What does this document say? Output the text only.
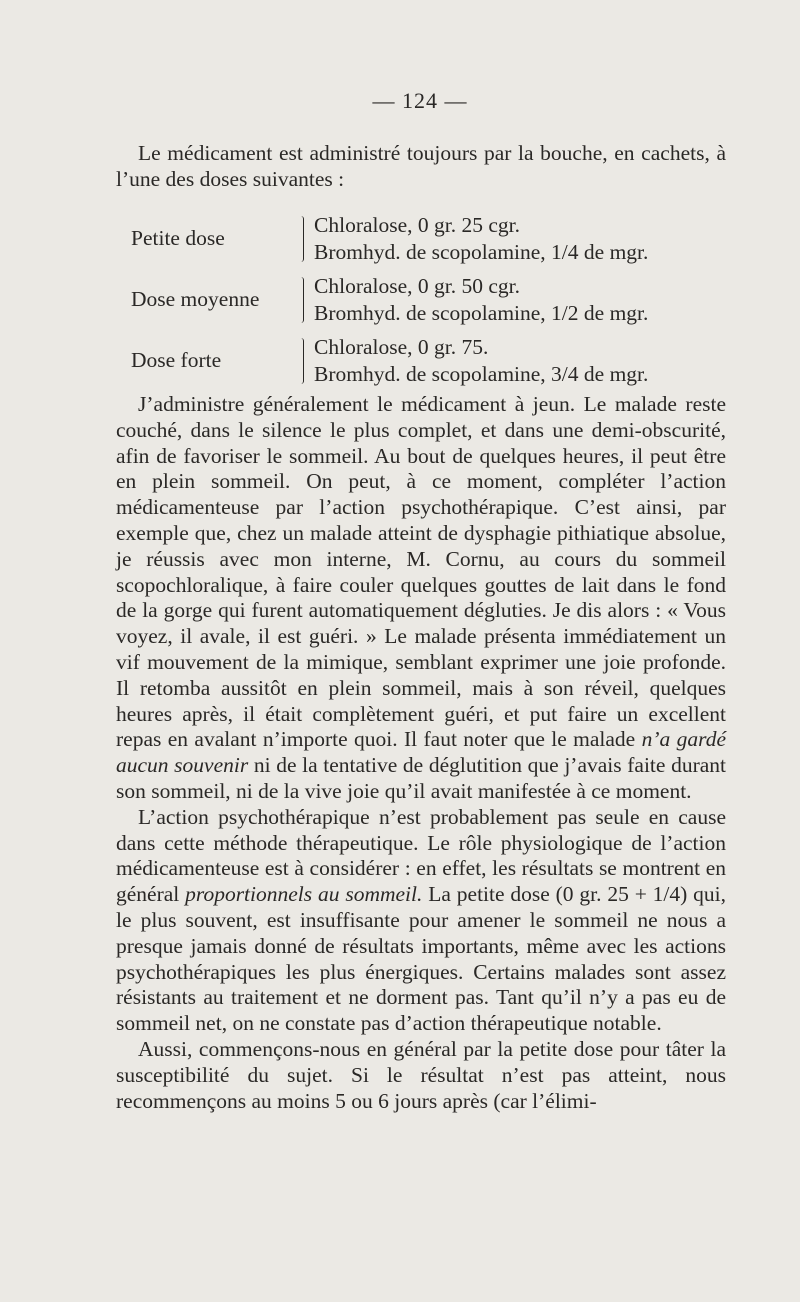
— 124 —

Le médicament est administré toujours par la bouche, en cachets, à l’une des doses suivantes :

Petite dose
Chloralose, 0 gr. 25 cgr.
Bromhyd. de scopolamine, 1/4 de mgr.
Dose moyenne
Chloralose, 0 gr. 50 cgr.
Bromhyd. de scopolamine, 1/2 de mgr.
Dose forte
Chloralose, 0 gr. 75.
Bromhyd. de scopolamine, 3/4 de mgr.

J’administre généralement le médicament à jeun. Le malade reste couché, dans le silence le plus complet, et dans une demi-obscurité, afin de favoriser le sommeil. Au bout de quelques heures, il peut être en plein sommeil. On peut, à ce moment, compléter l’action médicamenteuse par l’action psychothérapique. C’est ainsi, par exemple que, chez un malade atteint de dysphagie pithiatique absolue, je réussis avec mon interne, M. Cornu, au cours du sommeil scopochloralique, à faire couler quelques gouttes de lait dans le fond de la gorge qui furent automatiquement dégluties. Je dis alors : « Vous voyez, il avale, il est guéri. » Le malade présenta immédiatement un vif mouvement de la mimique, semblant exprimer une joie profonde. Il retomba aussitôt en plein sommeil, mais à son réveil, quelques heures après, il était complètement guéri, et put faire un excellent repas en avalant n’importe quoi. Il faut noter que le malade n’a gardé aucun souvenir ni de la tentative de déglutition que j’avais faite durant son sommeil, ni de la vive joie qu’il avait manifestée à ce moment.

L’action psychothérapique n’est probablement pas seule en cause dans cette méthode thérapeutique. Le rôle physiologique de l’action médicamenteuse est à considérer : en effet, les résultats se montrent en général proportionnels au sommeil. La petite dose (0 gr. 25 + 1/4) qui, le plus souvent, est insuffisante pour amener le sommeil ne nous a presque jamais donné de résultats importants, même avec les actions psychothérapiques les plus énergiques. Certains malades sont assez résistants au traitement et ne dorment pas. Tant qu’il n’y a pas eu de sommeil net, on ne constate pas d’action thérapeutique notable.

Aussi, commençons-nous en général par la petite dose pour tâter la susceptibilité du sujet. Si le résultat n’est pas atteint, nous recommençons au moins 5 ou 6 jours après (car l’élimi-
